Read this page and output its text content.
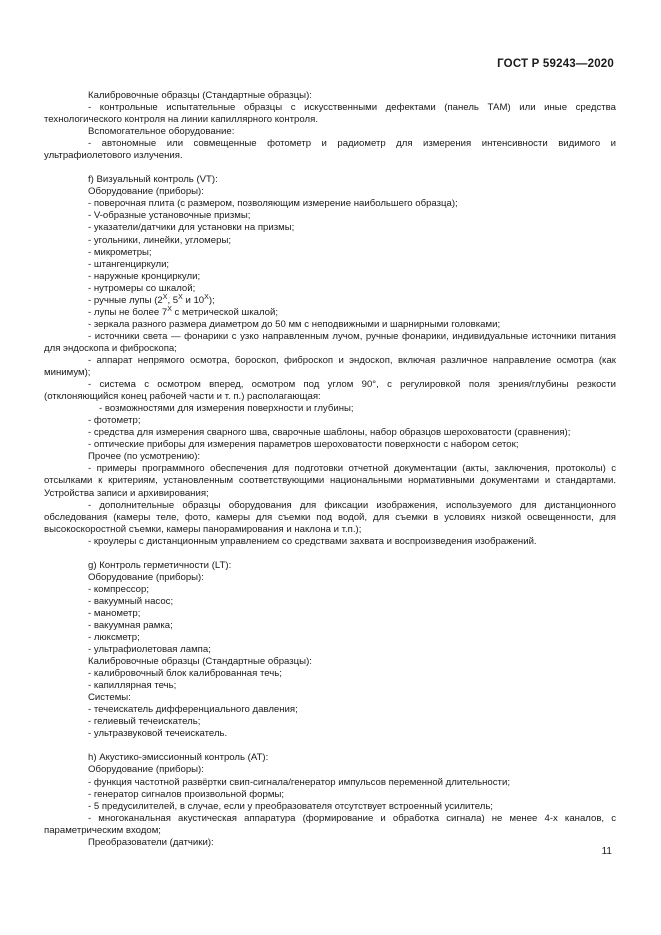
ГОСТ Р 59243—2020

Калибровочные образцы (Стандартные образцы):

- контрольные испытательные образцы с искусственными дефектами (панель ТАМ) или иные средства технологического контроля на линии капиллярного контроля.

Вспомогательное оборудование:

- автономные или совмещенные фотометр и радиометр для измерения интенсивности видимого и ультрафиолетового излучения.

f) Визуальный контроль (VT):

Оборудование (приборы):

- поверочная плита (с размером, позволяющим измерение наибольшего образца);

- V-образные установочные призмы;

- указатели/датчики для установки на призмы;

- угольники, линейки, угломеры;

- микрометры;

- штангенциркули;

- наружные кронциркули;

- нутромеры со шкалой;

- ручные лупы ($2^X$, $5^X$ и $10^X$);

- лупы не более $7^X$ с метрической шкалой;

- зеркала разного размера диаметром до 50 мм с неподвижными и шарнирными головками;

- источники света — фонарики с узко направленным лучом, ручные фонарики, индивидуальные источники питания для эндоскопа и фиброскопа;

- аппарат непрямого осмотра, бороскоп, фиброскоп и эндоскоп, включая различное направление осмотра (как минимум);

- система с осмотром вперед, осмотром под углом 90°, с регулировкой поля зрения/глубины резкости (отклоняющийся конец рабочей части и т. п.) располагающая:

- возможностями для измерения поверхности и глубины;

- фотометр;

- средства для измерения сварного шва, сварочные шаблоны, набор образцов шероховатости (сравнения);

- оптические приборы для измерения параметров шероховатости поверхности с набором сеток;

Прочее (по усмотрению):

- примеры программного обеспечения для подготовки отчетной документации (акты, заключения, протоколы) с отсылками к критериям, установленным соответствующими национальными нормативными документами и стандартами. Устройства записи и архивирования;

- дополнительные образцы оборудования для фиксации изображения, используемого для дистанционного обследования (камеры теле, фото, камеры для съемки под водой, для съемки в условиях низкой освещенности, для высокоскоростной съемки, камеры панорамирования и наклона и т.п.);

- кроулеры с дистанционным управлением со средствами захвата и воспроизведения изображений.

g) Контроль герметичности (LT):

Оборудование (приборы):

- компрессор;

- вакуумный насос;

- манометр;

- вакуумная рамка;

- люксметр;

- ультрафиолетовая лампа;

Калибровочные образцы (Стандартные образцы):

- калибровочный блок калиброванная течь;

- капиллярная течь;

Системы:

- течеискатель дифференциального давления;

- гелиевый течеискатель;

- ультразвуковой течеискатель.

h) Акустико-эмиссионный контроль (AT):

Оборудование (приборы):

- функция частотной развёртки свип-сигнала/генератор импульсов переменной длительности;

- генератор сигналов произвольной формы;

- 5 предусилителей, в случае, если у преобразователя отсутствует встроенный усилитель;

- многоканальная акустическая аппаратура (формирование и обработка сигнала) не менее 4-х каналов, с параметрическим входом;

Преобразователи (датчики):

11
